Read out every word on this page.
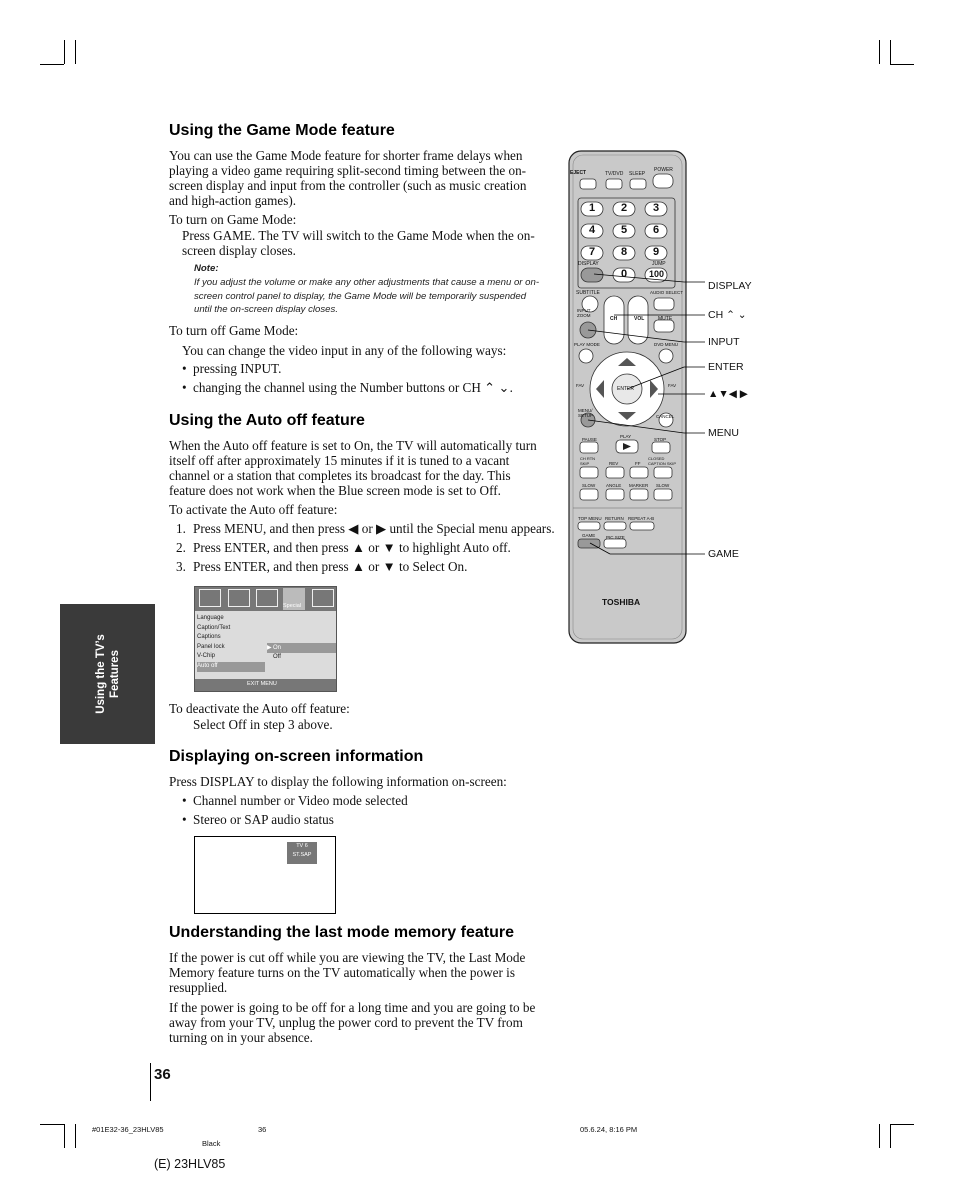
Using the Game Mode feature

You can use the Game Mode feature for shorter frame delays when playing a video game requiring split-second timing between the on-screen display and input from the controller (such as music creation and high-action games).

To turn on Game Mode:

Press GAME. The TV will switch to the Game Mode when the on-screen display closes.

Note:

If you adjust the volume or make any other adjustments that cause a menu or on-screen control panel to display, the Game Mode will be temporarily suspended until the on-screen display closes.

To turn off Game Mode:

You can change the video input in any of the following ways:

• pressing INPUT.

• changing the channel using the Number buttons or CH ⌃ ⌄.

Using the Auto off feature

When the Auto off feature is set to On, the TV will automatically turn itself off after approximately 15 minutes if it is tuned to a vacant channel or a station that completes its broadcast for the day. This feature does not work when the Blue screen mode is set to Off.

To activate the Auto off feature:

1. Press MENU, and then press ◀ or ▶ until the Special menu appears.

2. Press ENTER, and then press ▲ or ▼ to highlight Auto off.

3. Press ENTER, and then press ▲ or ▼ to Select On.

Special
Language
Caption/Text
Captions
Panel lock
V-Chip
Auto off
▶ On
Off
EXIT MENU

To deactivate the Auto off feature:

Select Off in step 3 above.

Displaying on-screen information

Press DISPLAY to display the following information on-screen:

• Channel number or Video mode selected

• Stereo or SAP audio status

TV 6
ST.SAP
Understanding the last mode memory feature

If the power is cut off while you are viewing the TV, the Last Mode Memory feature turns on the TV automatically when the power is resupplied.

If the power is going to be off for a long time and you are going to be away from your TV, unplug the power cord to prevent the TV from turning on in your absence.

Using the TV’s Features
36
EJECT	TV/DVD SLEEP
POWER
1 2 3
4 5 6
7 8 9
0 100
DISPLAY	JUMP
SUBTITLE	AUDIO SELECT
INPUT ZOOM
CH	VOL	MUTE
PLAY MODE	DVD MENU
ENTER
FAV	FAV
MENU/ SETUP	CANCEL
PAUSE
PLAY
STOP
CH RTN SKIP	REV	FF
CLOSED CAPTION SKIP
SLOW ANGLE MARKER SLOW
TOP MENU RETURN REPEAT A-B
GAME PIC SIZE
TOSHIBA
DISPLAY
CH ⌃ ⌄
INPUT
ENTER
▲▼◀ ▶
MENU
GAME
#01E32-36_23HLV85	36	05.6.24, 8:16 PM
Black
(E) 23HLV85
